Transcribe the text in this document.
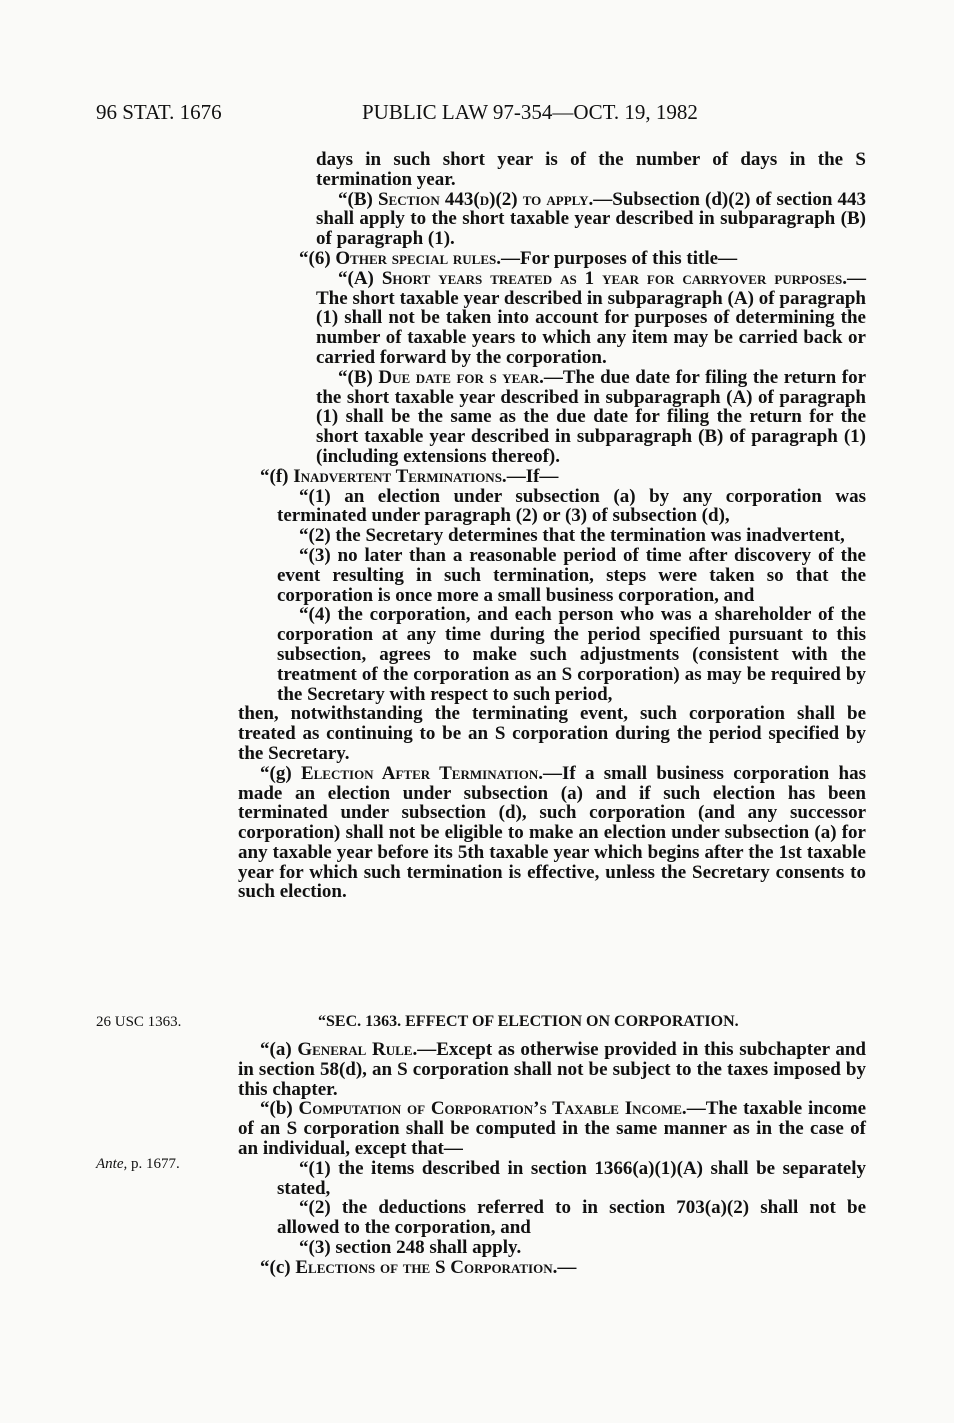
96 STAT. 1676	PUBLIC LAW 97-354—OCT. 19, 1982

days in such short year is of the number of days in the S termination year.

“(B) Section 443(d)(2) to apply.—Subsection (d)(2) of section 443 shall apply to the short taxable year described in subparagraph (B) of paragraph (1).

“(6) Other special rules.—For purposes of this title—

“(A) Short years treated as 1 year for carryover purposes.—The short taxable year described in subparagraph (A) of paragraph (1) shall not be taken into account for purposes of determining the number of taxable years to which any item may be carried back or carried forward by the corporation.

“(B) Due date for s year.—The due date for filing the return for the short taxable year described in subparagraph (A) of paragraph (1) shall be the same as the due date for filing the return for the short taxable year described in subparagraph (B) of paragraph (1) (including extensions thereof).

“(f) Inadvertent Terminations.—If—

“(1) an election under subsection (a) by any corporation was terminated under paragraph (2) or (3) of subsection (d),

“(2) the Secretary determines that the termination was inadvertent,

“(3) no later than a reasonable period of time after discovery of the event resulting in such termination, steps were taken so that the corporation is once more a small business corporation, and

“(4) the corporation, and each person who was a shareholder of the corporation at any time during the period specified pursuant to this subsection, agrees to make such adjustments (consistent with the treatment of the corporation as an S corporation) as may be required by the Secretary with respect to such period,

then, notwithstanding the terminating event, such corporation shall be treated as continuing to be an S corporation during the period specified by the Secretary.

“(g) Election After Termination.—If a small business corporation has made an election under subsection (a) and if such election has been terminated under subsection (d), such corporation (and any successor corporation) shall not be eligible to make an election under subsection (a) for any taxable year before its 5th taxable year which begins after the 1st taxable year for which such termination is effective, unless the Secretary consents to such election.

26 USC 1363.	“SEC. 1363. EFFECT OF ELECTION ON CORPORATION.
Ante, p. 1677.

“(a) General Rule.—Except as otherwise provided in this subchapter and in section 58(d), an S corporation shall not be subject to the taxes imposed by this chapter.

“(b) Computation of Corporation’s Taxable Income.—The taxable income of an S corporation shall be computed in the same manner as in the case of an individual, except that—

“(1) the items described in section 1366(a)(1)(A) shall be separately stated,

“(2) the deductions referred to in section 703(a)(2) shall not be allowed to the corporation, and

“(3) section 248 shall apply.

“(c) Elections of the S Corporation.—
